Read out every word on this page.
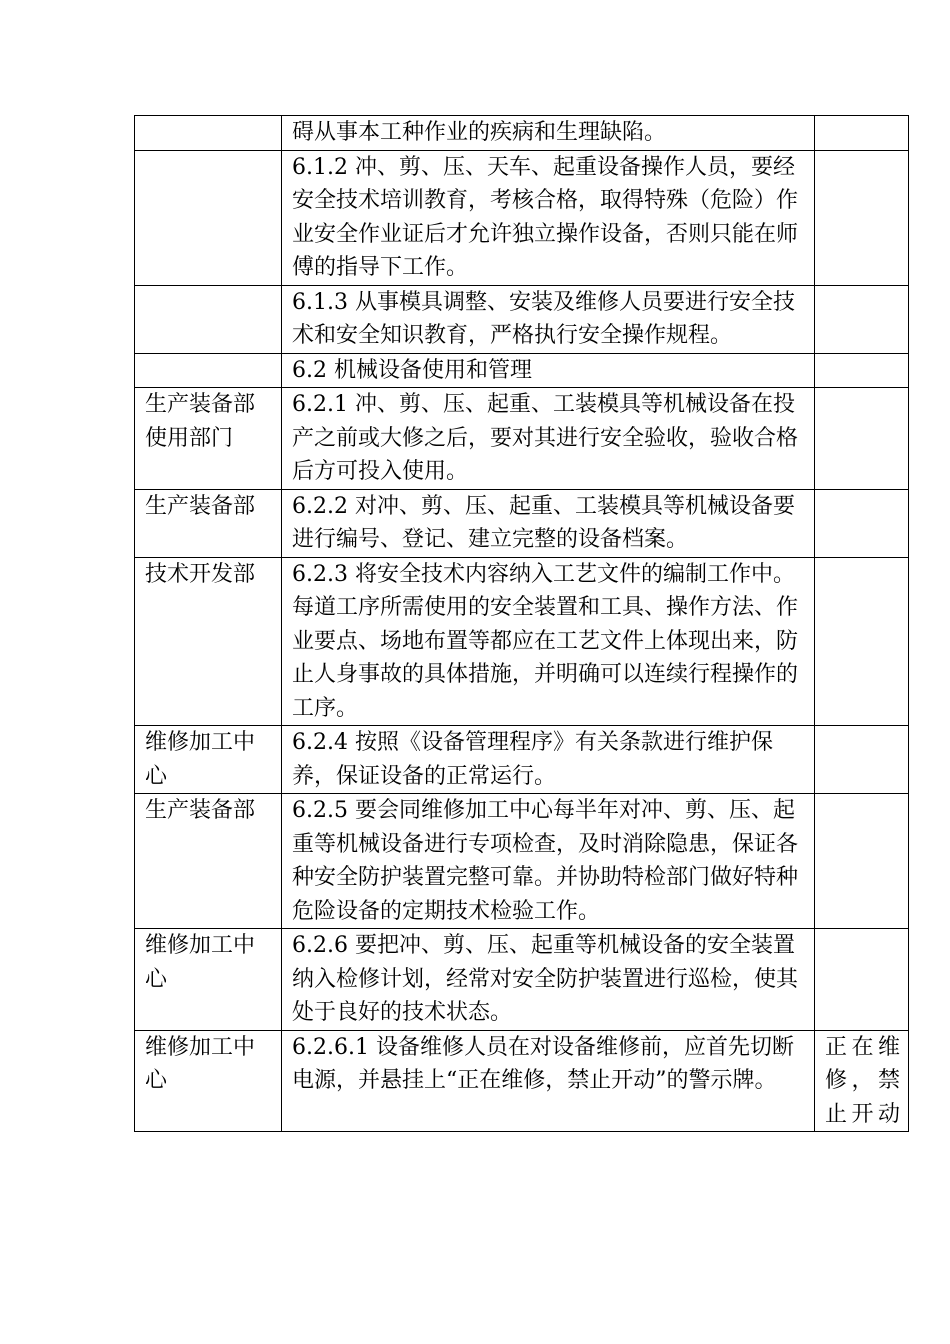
	碍从事本工种作业的疾病和生理缺陷。	
	6.1.2 冲、剪、压、天车、起重设备操作人员，要经安全技术培训教育，考核合格，取得特殊（危险）作业安全作业证后才允许独立操作设备，否则只能在师傅的指导下工作。	
	6.1.3 从事模具调整、安装及维修人员要进行安全技术和安全知识教育，严格执行安全操作规程。	
	6.2 机械设备使用和管理	
生产装备部使用部门	6.2.1 冲、剪、压、起重、工装模具等机械设备在投产之前或大修之后，要对其进行安全验收，验收合格后方可投入使用。	
生产装备部	6.2.2 对冲、剪、压、起重、工装模具等机械设备要进行编号、登记、建立完整的设备档案。	
技术开发部	6.2.3 将安全技术内容纳入工艺文件的编制工作中。每道工序所需使用的安全装置和工具、操作方法、作业要点、场地布置等都应在工艺文件上体现出来，防止人身事故的具体措施，并明确可以连续行程操作的工序。	
维修加工中心	6.2.4 按照《设备管理程序》有关条款进行维护保养，保证设备的正常运行。	
生产装备部	6.2.5 要会同维修加工中心每半年对冲、剪、压、起重等机械设备进行专项检查，及时消除隐患，保证各种安全防护装置完整可靠。并协助特检部门做好特种危险设备的定期技术检验工作。	
维修加工中心	6.2.6 要把冲、剪、压、起重等机械设备的安全装置纳入检修计划，经常对安全防护装置进行巡检，使其处于良好的技术状态。	
维修加工中心	6.2.6.1 设备维修人员在对设备维修前，应首先切断电源，并悬挂上“正在维修，禁止开动”的警示牌。	正在维修，禁止开动
